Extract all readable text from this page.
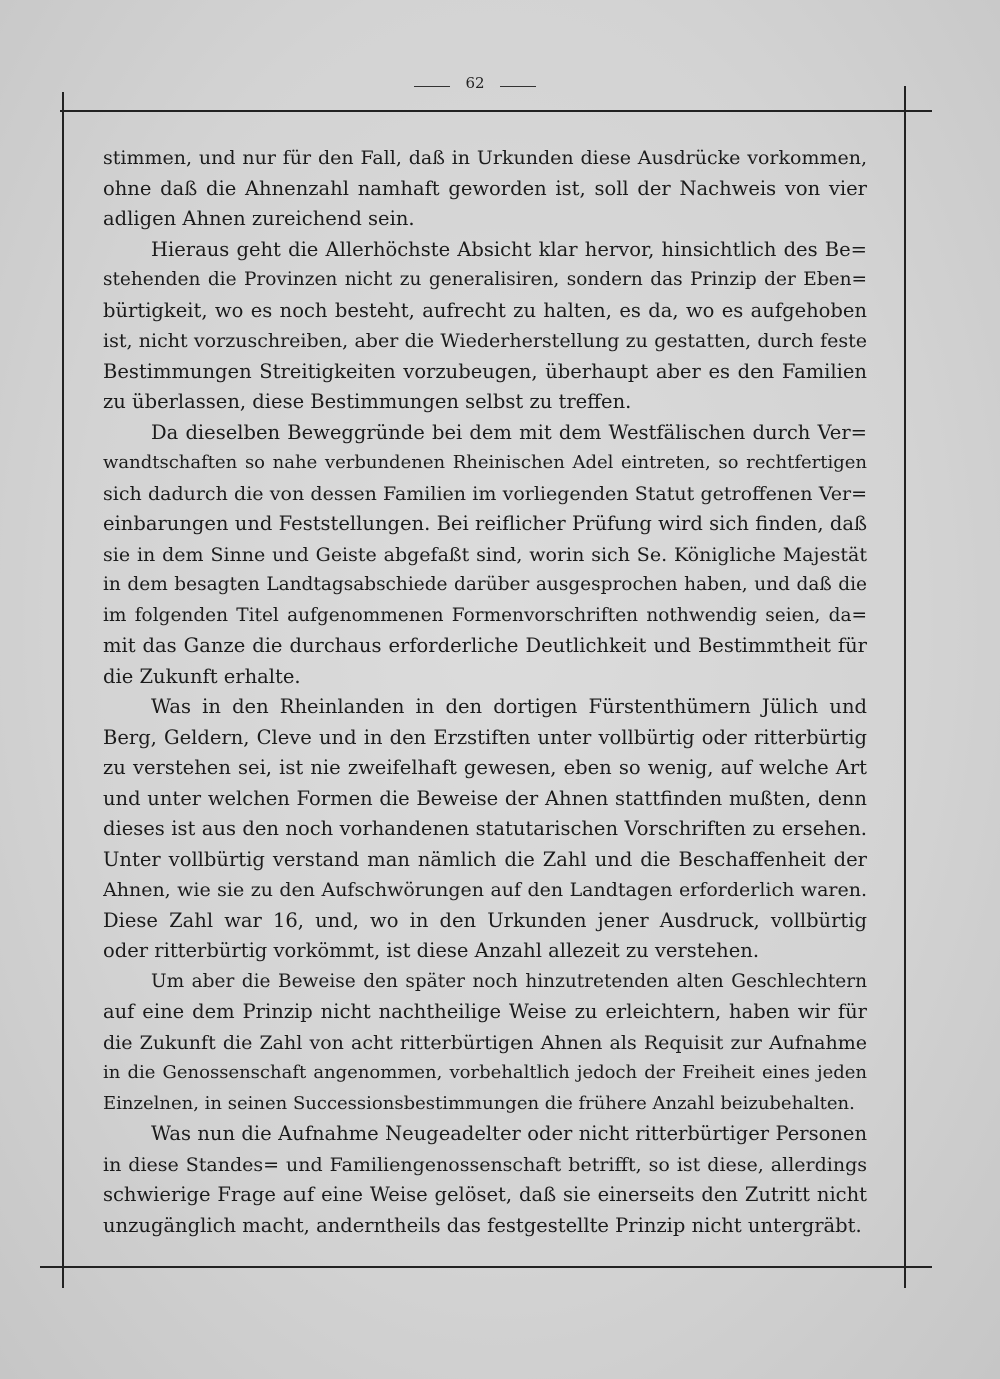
62
stimmen, und nur für den Fall, daß in Urkunden diese Ausdrücke vorkommen,
ohne daß die Ahnenzahl namhaft geworden ist, soll der Nachweis von vier
adligen Ahnen zureichend sein.
Hieraus geht die Allerhöchste Absicht klar hervor, hinsichtlich des Be=
stehenden die Provinzen nicht zu generalisiren, sondern das Prinzip der Eben=
bürtigkeit, wo es noch besteht, aufrecht zu halten, es da, wo es aufgehoben
ist, nicht vorzuschreiben, aber die Wiederherstellung zu gestatten, durch feste
Bestimmungen Streitigkeiten vorzubeugen, überhaupt aber es den Familien
zu überlassen, diese Bestimmungen selbst zu treffen.
Da dieselben Beweggründe bei dem mit dem Westfälischen durch Ver=
wandtschaften so nahe verbundenen Rheinischen Adel eintreten, so rechtfertigen
sich dadurch die von dessen Familien im vorliegenden Statut getroffenen Ver=
einbarungen und Feststellungen. Bei reiflicher Prüfung wird sich finden, daß
sie in dem Sinne und Geiste abgefaßt sind, worin sich Se. Königliche Majestät
in dem besagten Landtagsabschiede darüber ausgesprochen haben, und daß die
im folgenden Titel aufgenommenen Formenvorschriften nothwendig seien, da=
mit das Ganze die durchaus erforderliche Deutlichkeit und Bestimmtheit für
die Zukunft erhalte.
Was in den Rheinlanden in den dortigen Fürstenthümern Jülich und
Berg, Geldern, Cleve und in den Erzstiften unter vollbürtig oder ritterbürtig
zu verstehen sei, ist nie zweifelhaft gewesen, eben so wenig, auf welche Art
und unter welchen Formen die Beweise der Ahnen stattfinden mußten, denn
dieses ist aus den noch vorhandenen statutarischen Vorschriften zu ersehen.
Unter vollbürtig verstand man nämlich die Zahl und die Beschaffenheit der
Ahnen, wie sie zu den Aufschwörungen auf den Landtagen erforderlich waren.
Diese Zahl war 16, und, wo in den Urkunden jener Ausdruck, vollbürtig
oder ritterbürtig vorkömmt, ist diese Anzahl allezeit zu verstehen.
Um aber die Beweise den später noch hinzutretenden alten Geschlechtern
auf eine dem Prinzip nicht nachtheilige Weise zu erleichtern, haben wir für
die Zukunft die Zahl von acht ritterbürtigen Ahnen als Requisit zur Aufnahme
in die Genossenschaft angenommen, vorbehaltlich jedoch der Freiheit eines jeden
Einzelnen, in seinen Successionsbestimmungen die frühere Anzahl beizubehalten.
Was nun die Aufnahme Neugeadelter oder nicht ritterbürtiger Personen
in diese Standes= und Familiengenossenschaft betrifft, so ist diese, allerdings
schwierige Frage auf eine Weise gelöset, daß sie einerseits den Zutritt nicht
unzugänglich macht, anderntheils das festgestellte Prinzip nicht untergräbt.
